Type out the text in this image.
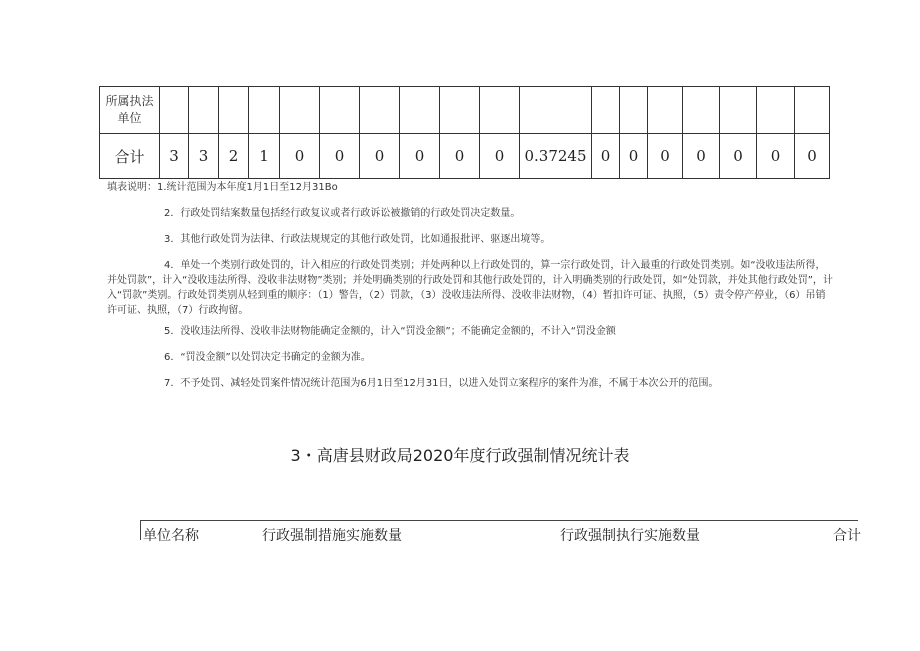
所属执法
单位																		

合计	3	3	2	1	0	0	0	0	0	0	0.37245	0	0	0	0	0	0	0

填表说明：1.统计范围为本年度1月1日至12月31Bo

2．行政处罚结案数量包括经行政复议或者行政诉讼被撤销的行政处罚决定数量。

3．其他行政处罚为法律、行政法规规定的其他行政处罚，比如通报批评、驱逐出境等。

4．单处一个类别行政处罚的，计入相应的行政处罚类别；并处两种以上行政处罚的，算一宗行政处罚，计入最重的行政处罚类别。如“没收违法所得，并处罚款”，计入“没收违法所得、没收非法财物”类别；并处明确类别的行政处罚和其他行政处罚的，计入明确类别的行政处罚，如“处罚款，并处其他行政处罚”，计入“罚款”类别。行政处罚类别从轻到重的顺序：（1）警告，（2）罚款，（3）没收违法所得、没收非法财物，（4）暂扣许可证、执照，（5）责令停产停业，（6）吊销许可证、执照，（7）行政拘留。

5．没收违法所得、没收非法财物能确定金额的，计入“罚没金额”；不能确定金额的，不计入“罚没金额

6．“罚没金额”以处罚决定书确定的金额为准。

7．不予处罚、减轻处罚案件情况统计范围为6月1日至12月31日，以进入处罚立案程序的案件为准，不属于本次公开的范围。

3・高唐县财政局2020年度行政强制情况统计表
单位名称	行政强制措施实施数量	行政强制执行实施数量	合计
